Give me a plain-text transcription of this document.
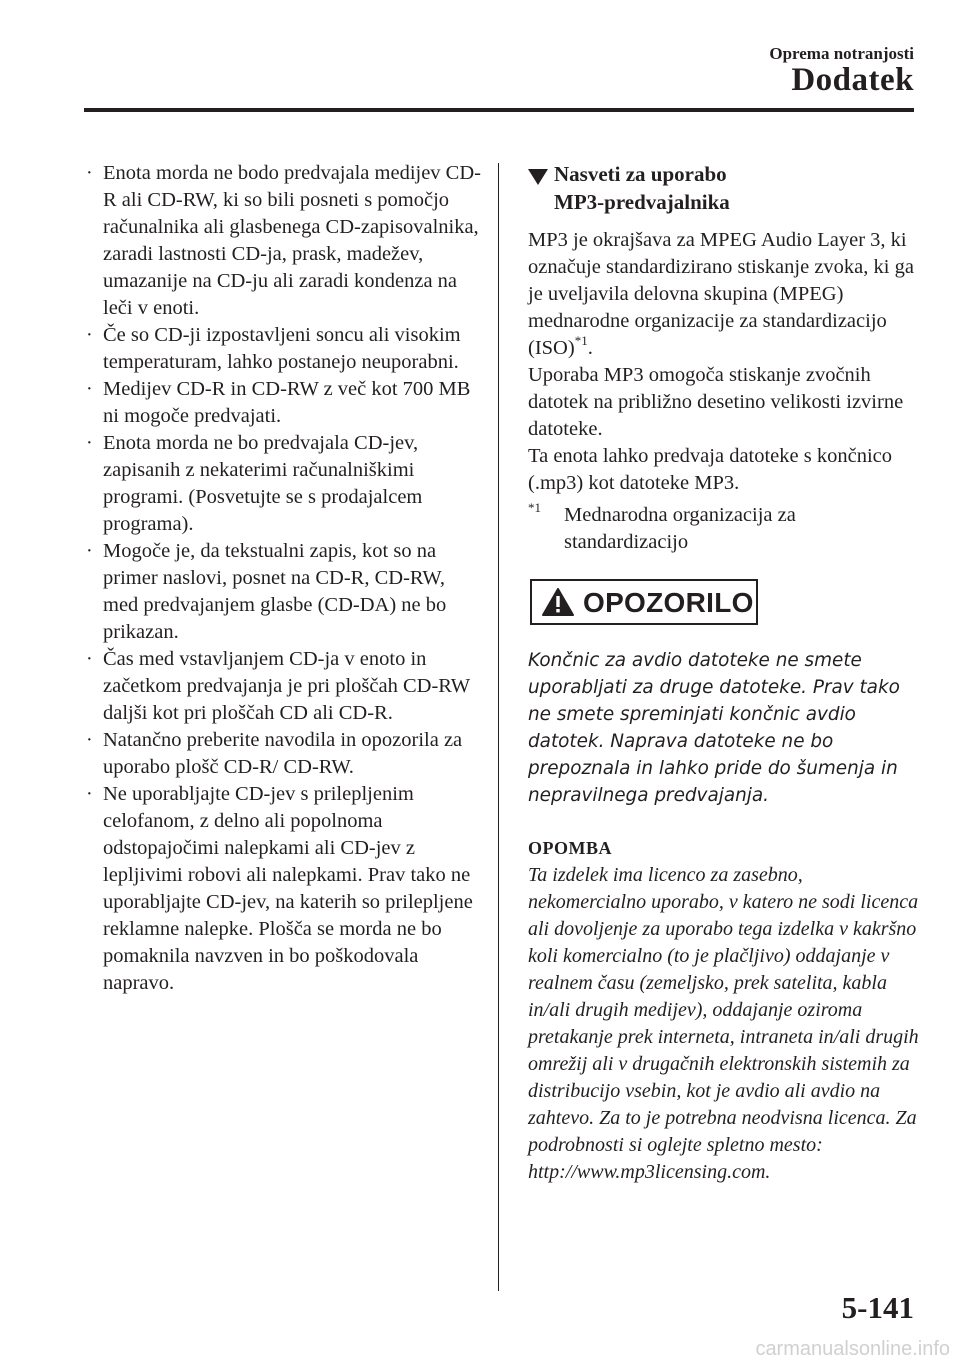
Oprema notranjosti
Dodatek
· Enota morda ne bodo predvajala medijev CD-R ali CD-RW, ki so bili posneti s pomočjo računalnika ali glasbenega CD-zapisovalnika, zaradi lastnosti CD-ja, prask, madežev, umazanije na CD-ju ali zaradi kondenza na leči v enoti.
· Če so CD-ji izpostavljeni soncu ali visokim temperaturam, lahko postanejo neuporabni.
· Medijev CD-R in CD-RW z več kot 700 MB ni mogoče predvajati.
· Enota morda ne bo predvajala CD-jev, zapisanih z nekaterimi računalniškimi programi. (Posvetujte se s prodajalcem programa).
· Mogoče je, da tekstualni zapis, kot so na primer naslovi, posnet na CD-R, CD-RW, med predvajanjem glasbe (CD-DA) ne bo prikazan.
· Čas med vstavljanjem CD-ja v enoto in začetkom predvajanja je pri ploščah CD-RW daljši kot pri ploščah CD ali CD-R.
· Natančno preberite navodila in opozorila za uporabo plošč CD-R/ CD-RW.
· Ne uporabljajte CD-jev s prilepljenim celofanom, z delno ali popolnoma odstopajočimi nalepkami ali CD-jev z lepljivimi robovi ali nalepkami. Prav tako ne uporabljajte CD-jev, na katerih so prilepljene reklamne nalepke. Plošča se morda ne bo pomaknila navzven in bo poškodovala napravo.
Nasveti za uporabo
MP3-predvajalnika

MP3 je okrajšava za MPEG Audio Layer 3, ki označuje standardizirano stiskanje zvoka, ki ga je uveljavila delovna skupina (MPEG) mednarodne organizacije za standardizacijo (ISO)$^{*1}$.

Uporaba MP3 omogoča stiskanje zvočnih datotek na približno desetino velikosti izvirne datoteke.

Ta enota lahko predvaja datoteke s končnico (.mp3) kot datoteke MP3.

$^{*1}$ Mednarodna organizacija za standardizacijo
OPOZORILO

Končnic za avdio datoteke ne smete uporabljati za druge datoteke. Prav tako ne smete spreminjati končnic avdio datotek. Naprava datoteke ne bo prepoznala in lahko pride do šumenja in nepravilnega predvajanja.

OPOMBA

Ta izdelek ima licenco za zasebno, nekomercialno uporabo, v katero ne sodi licenca ali dovoljenje za uporabo tega izdelka v kakršno koli komercialno (to je plačljivo) oddajanje v realnem času (zemeljsko, prek satelita, kabla in/ali drugih medijev), oddajanje oziroma pretakanje prek interneta, intraneta in/ali drugih omrežij ali v drugačnih elektronskih sistemih za distribucijo vsebin, kot je avdio ali avdio na zahtevo. Za to je potrebna neodvisna licenca. Za podrobnosti si oglejte spletno mesto: http://www.mp3licensing.com.

5-141
carmanualsonline.info
